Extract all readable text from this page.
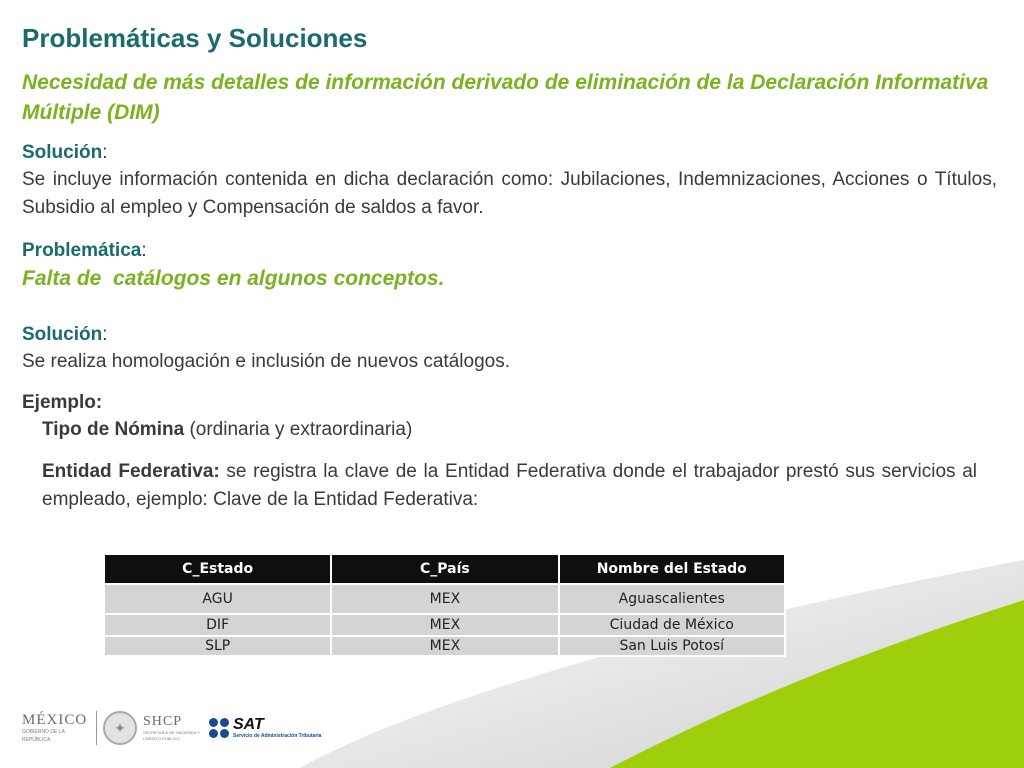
Problemáticas y Soluciones
Necesidad de más detalles de información derivado de eliminación de la Declaración Informativa Múltiple (DIM)
Solución:
Se incluye información contenida en dicha declaración como: Jubilaciones, Indemnizaciones, Acciones o Títulos, Subsidio al empleo y Compensación de saldos a favor.
Problemática:
Falta de  catálogos en algunos conceptos.
Solución:
Se realiza homologación e inclusión de nuevos catálogos.
Ejemplo:
Tipo de Nómina (ordinaria y extraordinaria)
Entidad Federativa: se registra la clave de la Entidad Federativa donde el trabajador prestó sus servicios al empleado, ejemplo: Clave de la Entidad Federativa:
C_Estado	C_País	Nombre del Estado
AGU	MEX	Aguascalientes
DIF	MEX	Ciudad de México
SLP	MEX	San Luis Potosí
MÉXICO
GOBIERNO DE LA REPÚBLICA
✦	SHCP
SECRETARÍA DE HACIENDA Y CRÉDITO PÚBLICO
SAT
Servicio de Administración Tributaria
